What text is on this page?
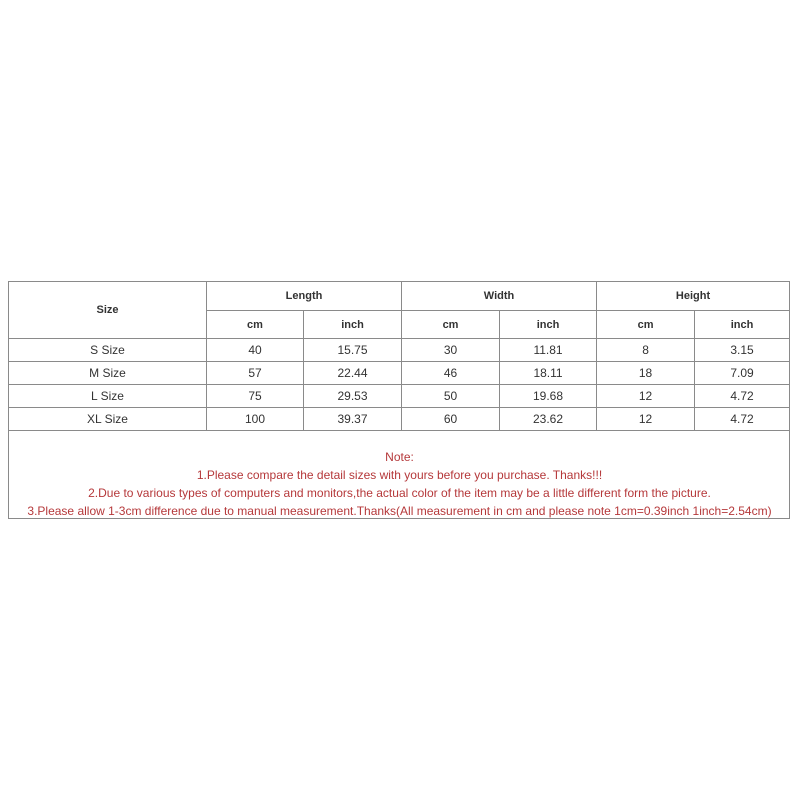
Size	Length		Width		Height	
	cm	inch	cm	inch	cm	inch
S Size	40	15.75	30	11.81	8	3.15
M Size	57	22.44	46	18.11	18	7.09
L Size	75	29.53	50	19.68	12	4.72
XL Size	100	39.37	60	23.62	12	4.72
Note:
1.Please compare the detail sizes with yours before you purchase. Thanks!!!
2.Due to various types of computers and monitors,the actual color of the item may be a little different form the picture.
3.Please allow 1-3cm difference due to manual measurement.Thanks(All measurement in cm and please note 1cm=0.39inch 1inch=2.54cm)
